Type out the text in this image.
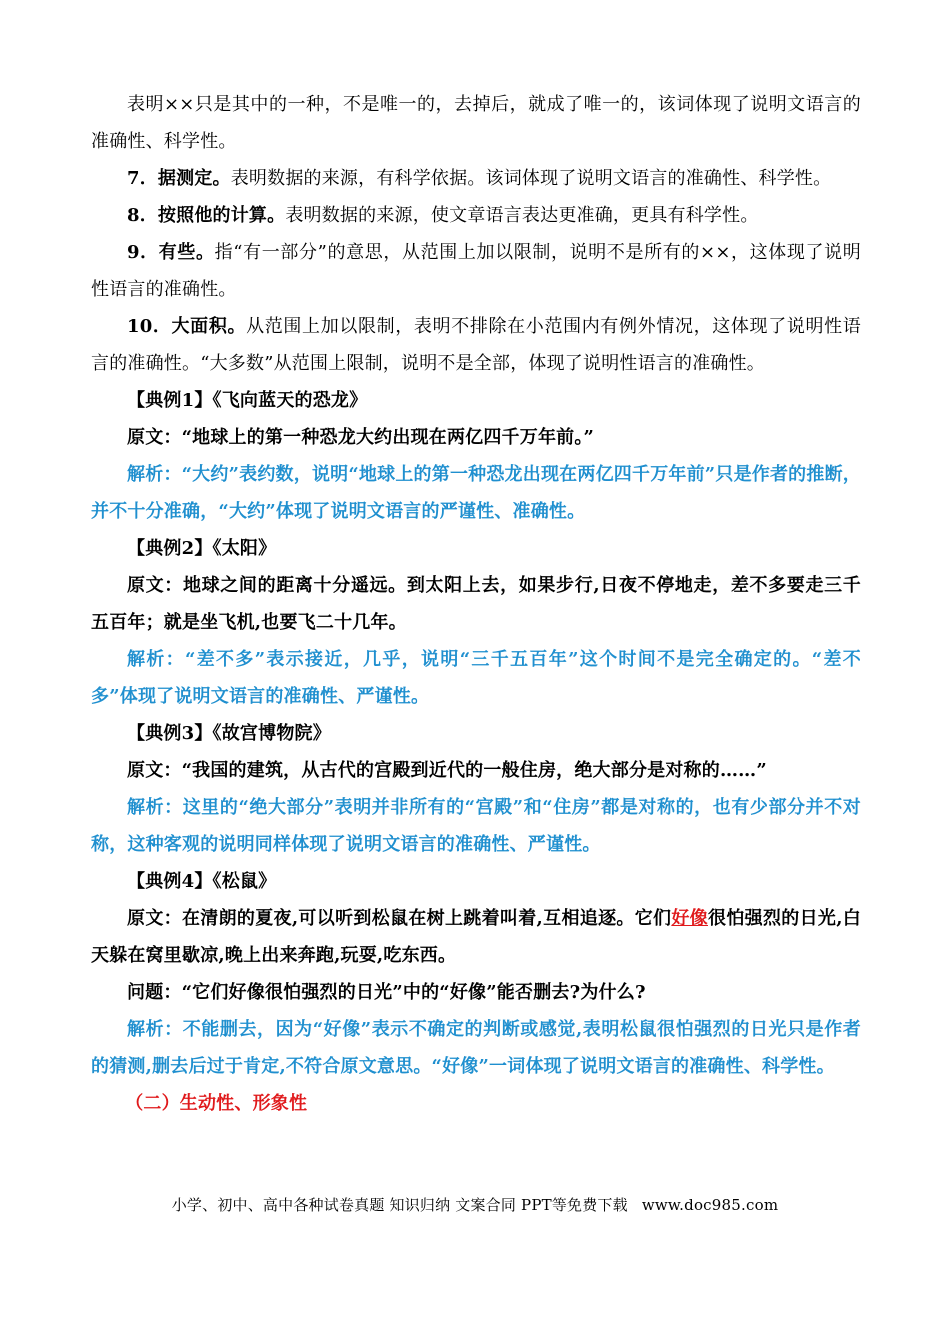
表明××只是其中的一种，不是唯一的，去掉后，就成了唯一的，该词体现了说明文语言的准确性、科学性。

7．据测定。表明数据的来源，有科学依据。该词体现了说明文语言的准确性、科学性。

8．按照他的计算。表明数据的来源，使文章语言表达更准确，更具有科学性。

9．有些。指“有一部分”的意思，从范围上加以限制，说明不是所有的××，这体现了说明性语言的准确性。

10．大面积。从范围上加以限制，表明不排除在小范围内有例外情况，这体现了说明性语言的准确性。“大多数”从范围上限制，说明不是全部，体现了说明性语言的准确性。

【典例1】《飞向蓝天的恐龙》

原文：“地球上的第一种恐龙大约出现在两亿四千万年前。”

解析：“大约”表约数，说明“地球上的第一种恐龙出现在两亿四千万年前”只是作者的推断，并不十分准确，“大约”体现了说明文语言的严谨性、准确性。

【典例2】《太阳》

原文：地球之间的距离十分遥远。到太阳上去，如果步行,日夜不停地走，差不多要走三千五百年；就是坐飞机,也要飞二十几年。

解析：“差不多”表示接近，几乎，说明“三千五百年”这个时间不是完全确定的。“差不多”体现了说明文语言的准确性、严谨性。

【典例3】《故宫博物院》

原文：“我国的建筑，从古代的宫殿到近代的一般住房，绝大部分是对称的……”

解析：这里的“绝大部分”表明并非所有的“宫殿”和“住房”都是对称的，也有少部分并不对称，这种客观的说明同样体现了说明文语言的准确性、严谨性。

【典例4】《松鼠》

原文：在清朗的夏夜,可以听到松鼠在树上跳着叫着,互相追逐。它们好像很怕强烈的日光,白天躲在窝里歇凉,晚上出来奔跑,玩耍,吃东西。

问题：“它们好像很怕强烈的日光”中的“好像”能否删去?为什么?

解析：不能删去，因为“好像”表示不确定的判断或感觉,表明松鼠很怕强烈的日光只是作者的猜测,删去后过于肯定,不符合原文意思。“好像”一词体现了说明文语言的准确性、科学性。

（二）生动性、形象性

小学、初中、高中各种试卷真题 知识归纳 文案合同 PPT等免费下载 www.doc985.com
